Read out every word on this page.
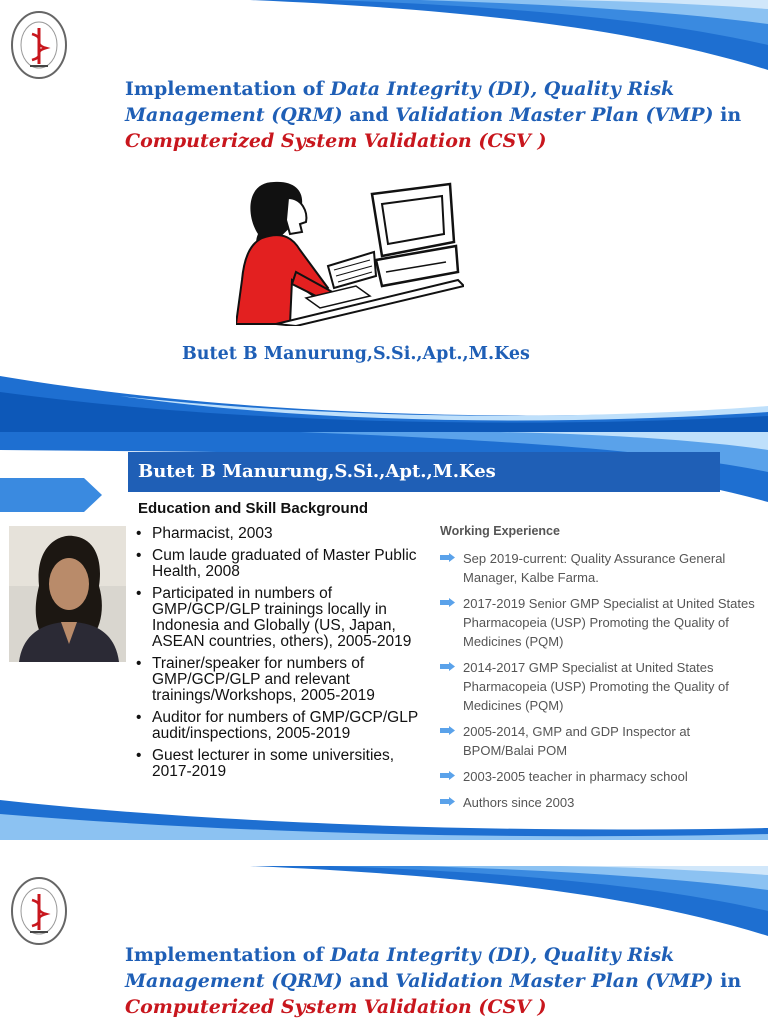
Implementation of Data Integrity (DI), Quality Risk
Management (QRM) and Validation Master Plan (VMP) in
Computerized System Validation (CSV )
Butet B Manurung,S.Si.,Apt.,M.Kes
Butet B Manurung,S.Si.,Apt.,M.Kes
Education and Skill Background
• Pharmacist, 2003
• Cum laude graduated of Master Public Health, 2008
• Participated in numbers of GMP/GCP/GLP trainings locally in Indonesia and Globally (US, Japan, ASEAN countries, others), 2005-2019
• Trainer/speaker for numbers of GMP/GCP/GLP and relevant trainings/Workshops, 2005-2019
• Auditor for numbers of GMP/GCP/GLP audit/inspections, 2005-2019
• Guest lecturer in some universities, 2017-2019
Working Experience
Sep 2019-current: Quality Assurance General Manager, Kalbe Farma.
2017-2019 Senior GMP Specialist at United States Pharmacopeia (USP) Promoting the Quality of Medicines (PQM)
2014-2017 GMP Specialist at United States Pharmacopeia (USP) Promoting the Quality of Medicines (PQM)
2005-2014, GMP and GDP Inspector at BPOM/Balai POM
2003-2005 teacher in pharmacy school
Authors since 2003
Implementation of Data Integrity (DI), Quality Risk
Management (QRM) and Validation Master Plan (VMP) in
Computerized System Validation (CSV )
